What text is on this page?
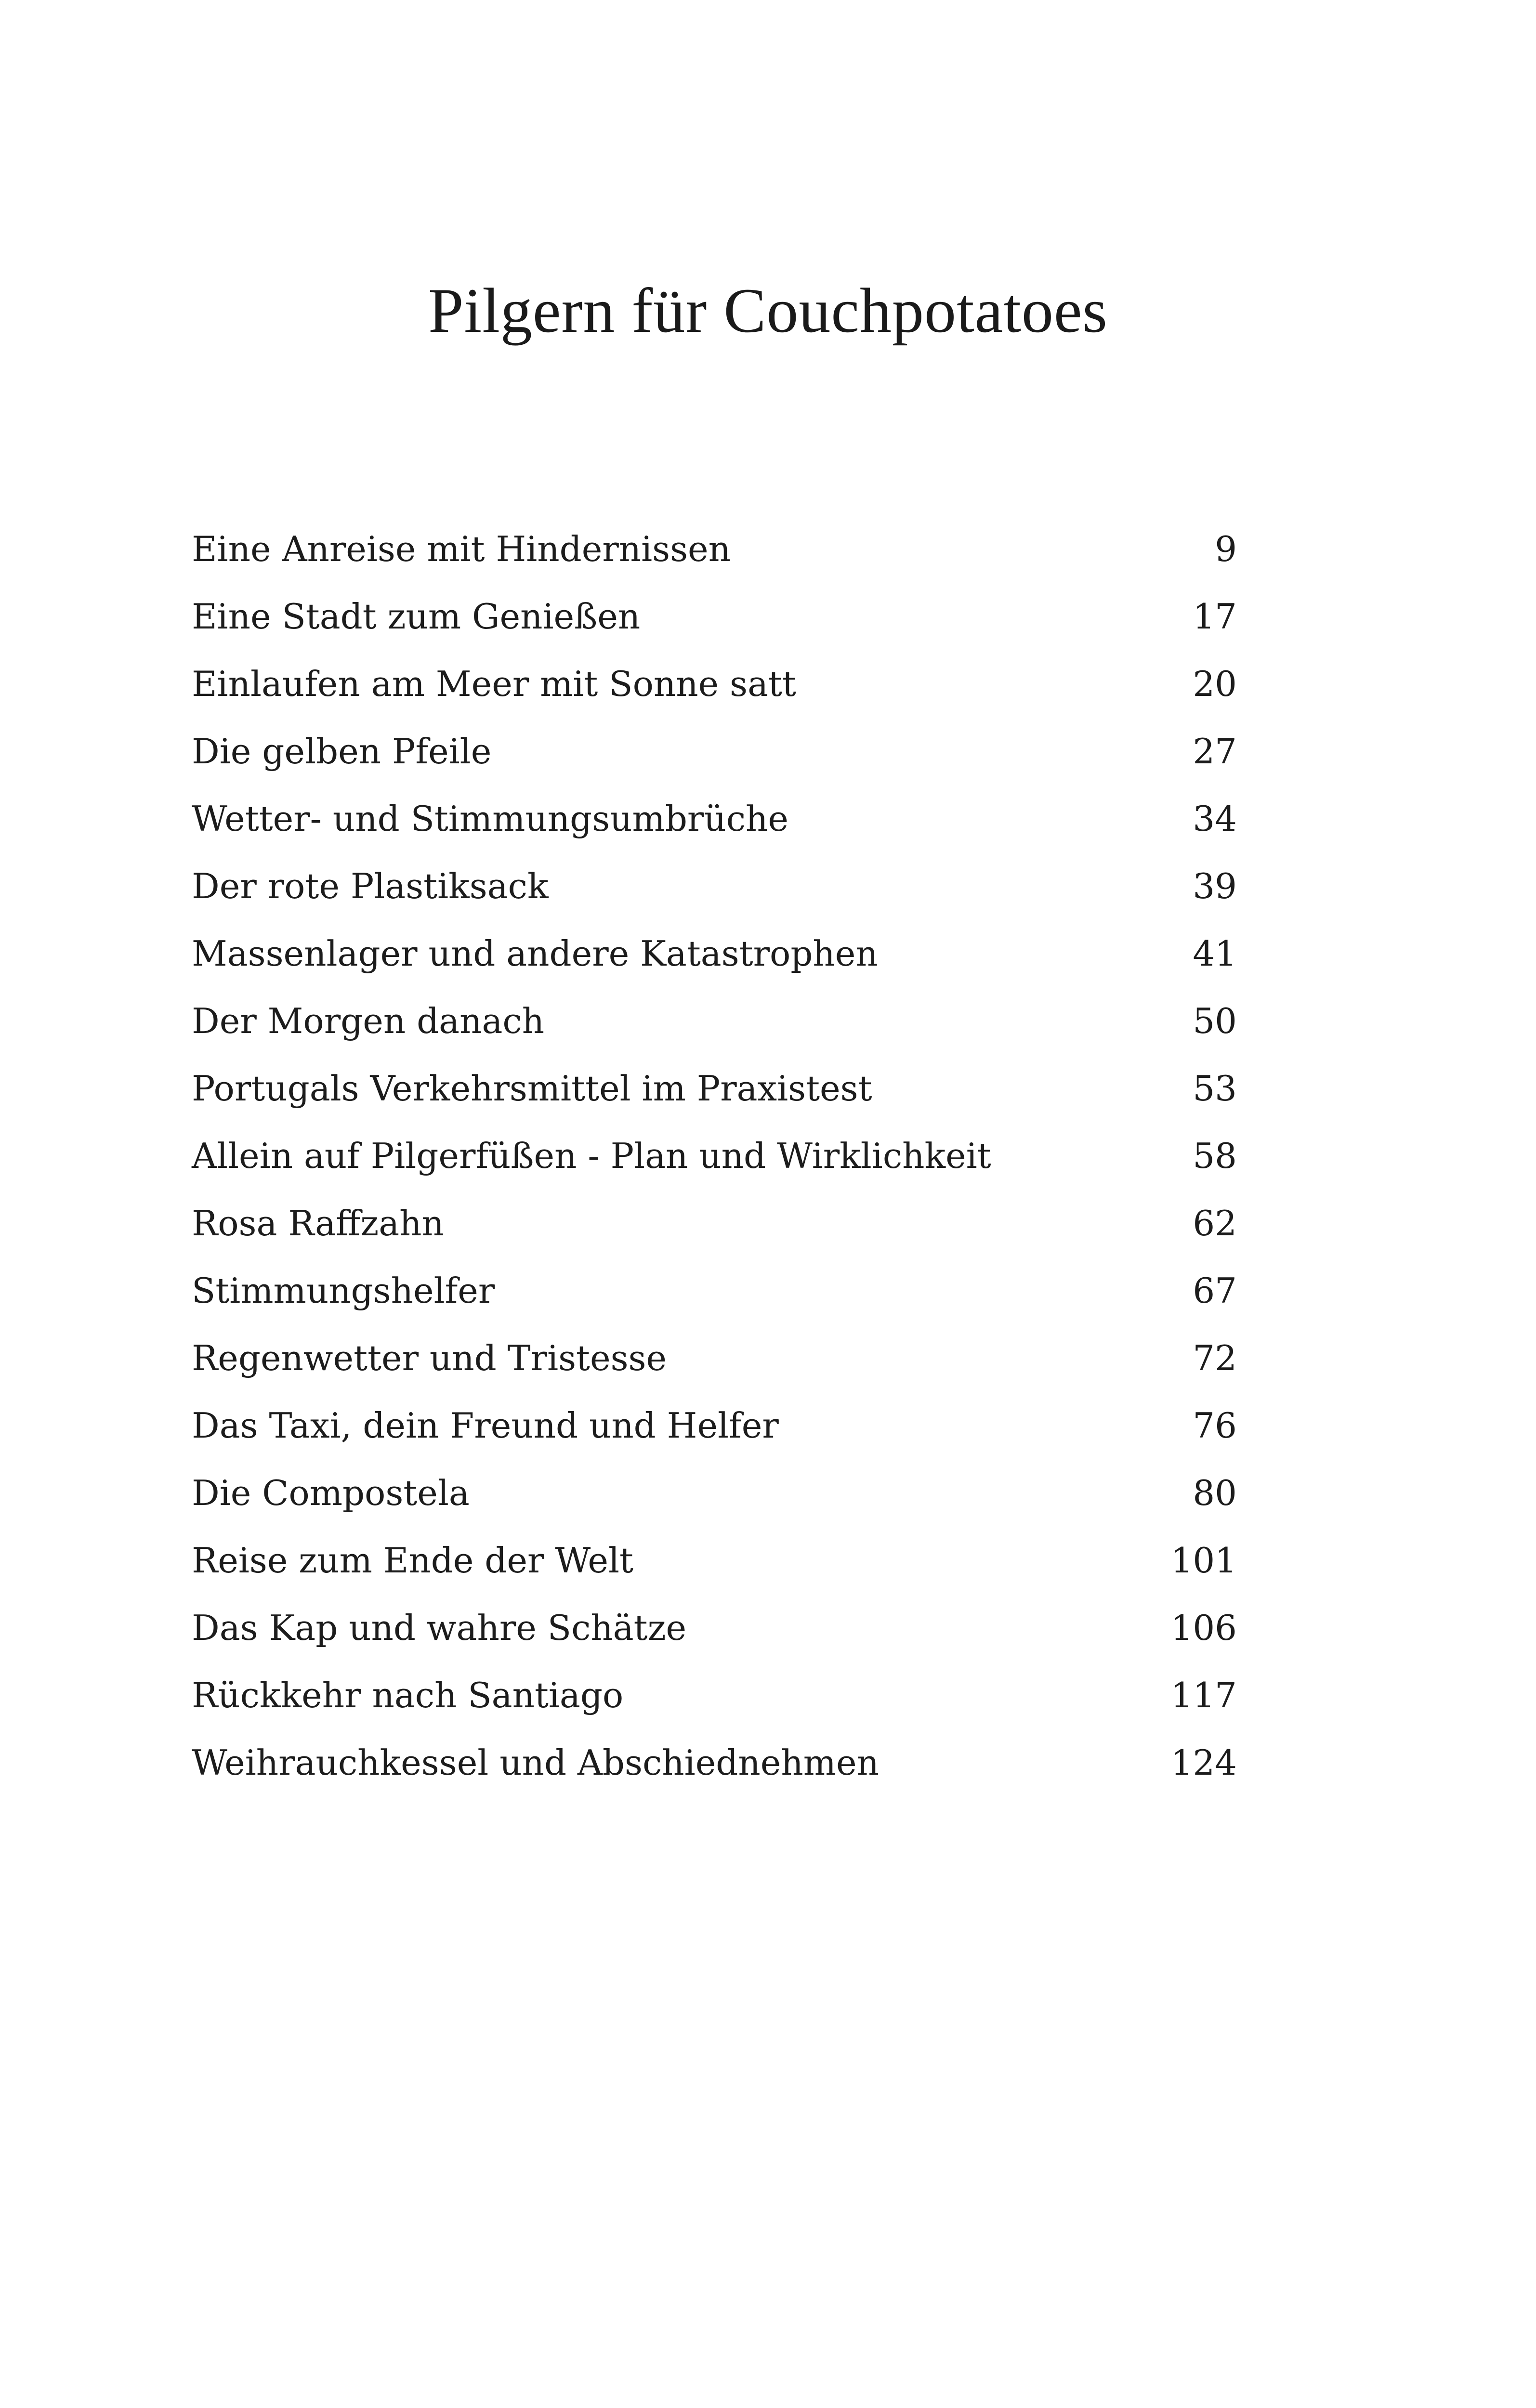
Pilgern für Couchpotatoes
Eine Anreise mit Hindernissen	9
Eine Stadt zum Genießen	17
Einlaufen am Meer mit Sonne satt	20
Die gelben Pfeile	27
Wetter- und Stimmungsumbrüche	34
Der rote Plastiksack	39
Massenlager und andere Katastrophen	41
Der Morgen danach	50
Portugals Verkehrsmittel im Praxistest	53
Allein auf Pilgerfüßen - Plan und Wirklichkeit	58
Rosa Raffzahn	62
Stimmungshelfer	67
Regenwetter und Tristesse	72
Das Taxi, dein Freund und Helfer	76
Die Compostela	80
Reise zum Ende der Welt	101
Das Kap und wahre Schätze	106
Rückkehr nach Santiago	117
Weihrauchkessel und Abschiednehmen	124
